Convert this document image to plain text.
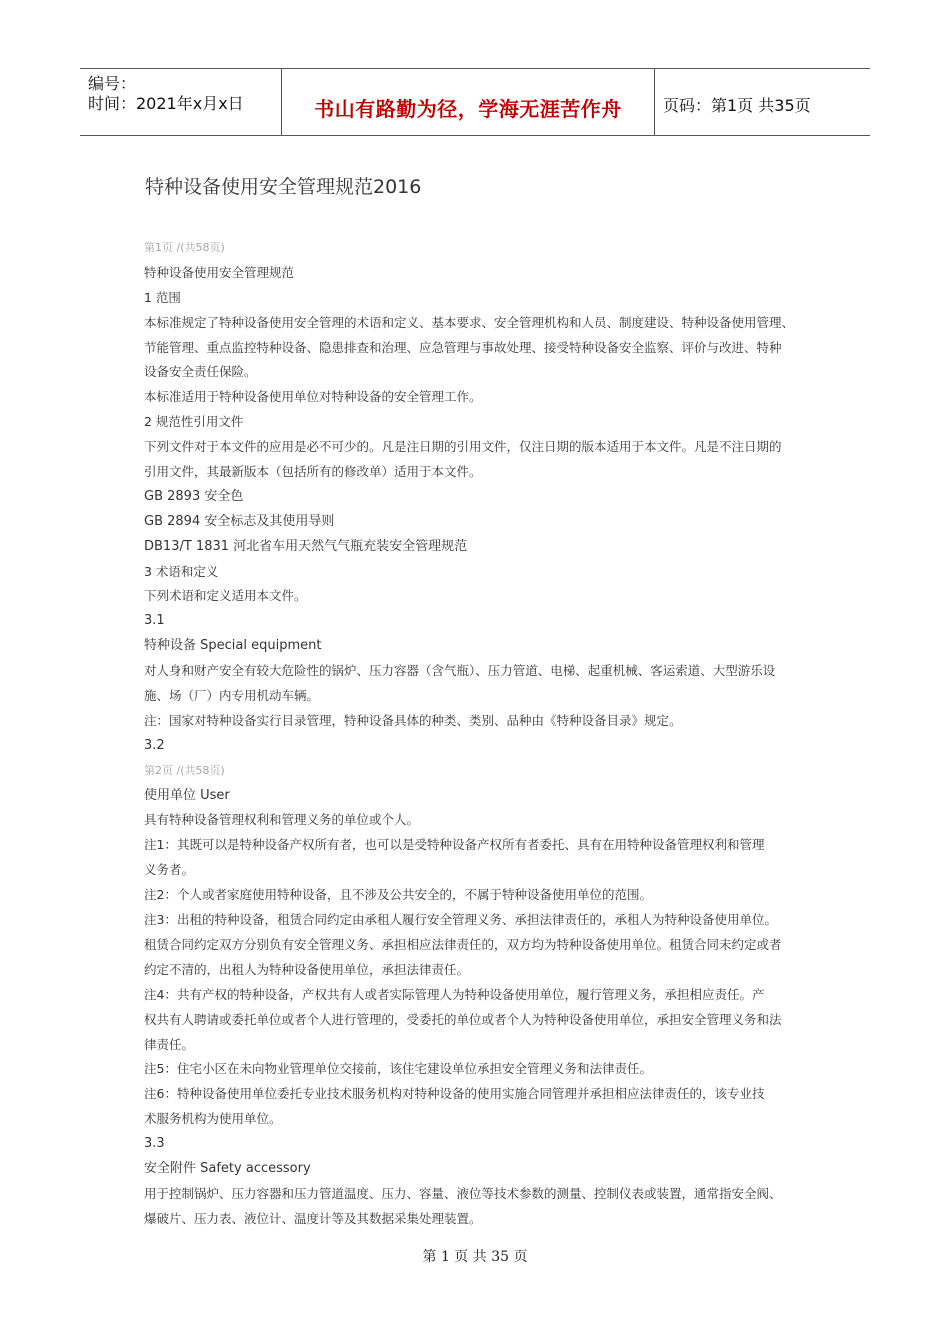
编号：
时间：2021年x月x日	书山有路勤为径，学海无涯苦作舟	页码：第1页 共35页
特种设备使用安全管理规范2016
第1页 /(共58页)
特种设备使用安全管理规范
1 范围
本标准规定了特种设备使用安全管理的术语和定义、基本要求、安全管理机构和人员、制度建设、特种设备使用管理、
节能管理、重点监控特种设备、隐患排查和治理、应急管理与事故处理、接受特种设备安全监察、评价与改进、特种
设备安全责任保险。
本标准适用于特种设备使用单位对特种设备的安全管理工作。
2 规范性引用文件
下列文件对于本文件的应用是必不可少的。凡是注日期的引用文件，仅注日期的版本适用于本文件。凡是不注日期的
引用文件，其最新版本（包括所有的修改单）适用于本文件。
GB 2893 安全色
GB 2894 安全标志及其使用导则
DB13/T 1831 河北省车用天然气气瓶充装安全管理规范
3 术语和定义
下列术语和定义适用本文件。
3.1
特种设备 Special equipment
对人身和财产安全有较大危险性的锅炉、压力容器（含气瓶）、压力管道、电梯、起重机械、客运索道、大型游乐设
施、场（厂）内专用机动车辆。
注：国家对特种设备实行目录管理，特种设备具体的种类、类别、品种由《特种设备目录》规定。
3.2
第2页 /(共58页)
使用单位 User
具有特种设备管理权利和管理义务的单位或个人。
注1：其既可以是特种设备产权所有者，也可以是受特种设备产权所有者委托、具有在用特种设备管理权利和管理
义务者。
注2：个人或者家庭使用特种设备，且不涉及公共安全的，不属于特种设备使用单位的范围。
注3：出租的特种设备，租赁合同约定由承租人履行安全管理义务、承担法律责任的，承租人为特种设备使用单位。
租赁合同约定双方分别负有安全管理义务、承担相应法律责任的，双方均为特种设备使用单位。租赁合同未约定或者
约定不清的，出租人为特种设备使用单位，承担法律责任。
注4：共有产权的特种设备，产权共有人或者实际管理人为特种设备使用单位，履行管理义务，承担相应责任。产
权共有人聘请或委托单位或者个人进行管理的，受委托的单位或者个人为特种设备使用单位，承担安全管理义务和法
律责任。
注5：住宅小区在未向物业管理单位交接前，该住宅建设单位承担安全管理义务和法律责任。
注6：特种设备使用单位委托专业技术服务机构对特种设备的使用实施合同管理并承担相应法律责任的，该专业技
术服务机构为使用单位。
3.3
安全附件 Safety accessory
用于控制锅炉、压力容器和压力管道温度、压力、容量、液位等技术参数的测量、控制仪表或装置，通常指安全阀、
爆破片、压力表、液位计、温度计等及其数据采集处理装置。
第 1 页 共 35 页
